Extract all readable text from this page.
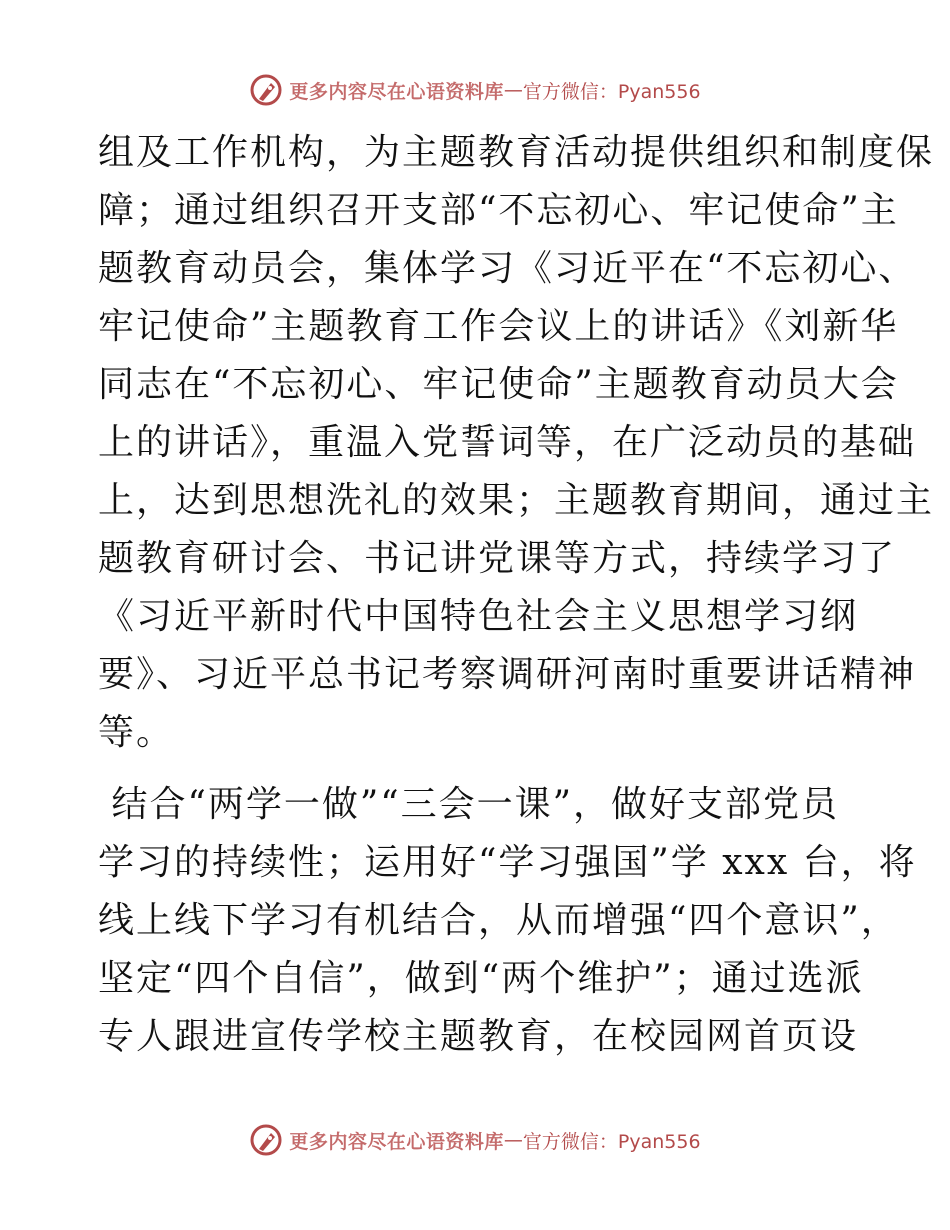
更多内容尽在心语资料库 — 官方微信：Pyan556
组及工作机构，为主题教育活动提供组织和制度保
障；通过组织召开支部“不忘初心、牢记使命”主
题教育动员会，集体学习《习近平在“不忘初心、
牢记使命”主题教育工作会议上的讲话》《刘新华
同志在“不忘初心、牢记使命”主题教育动员大会
上的讲话》，重温入党誓词等，在广泛动员的基础
上，达到思想洗礼的效果；主题教育期间，通过主
题教育研讨会、书记讲党课等方式，持续学习了
《习近平新时代中国特色社会主义思想学习纲
要》、习近平总书记考察调研河南时重要讲话精神
等。
结合“两学一做”“三会一课”，做好支部党员
学习的持续性；运用好“学习强国”学 xxx 台，将
线上线下学习有机结合，从而增强“四个意识”，
坚定“四个自信”，做到“两个维护”；通过选派
专人跟进宣传学校主题教育，在校园网首页设
更多内容尽在心语资料库 — 官方微信：Pyan556
